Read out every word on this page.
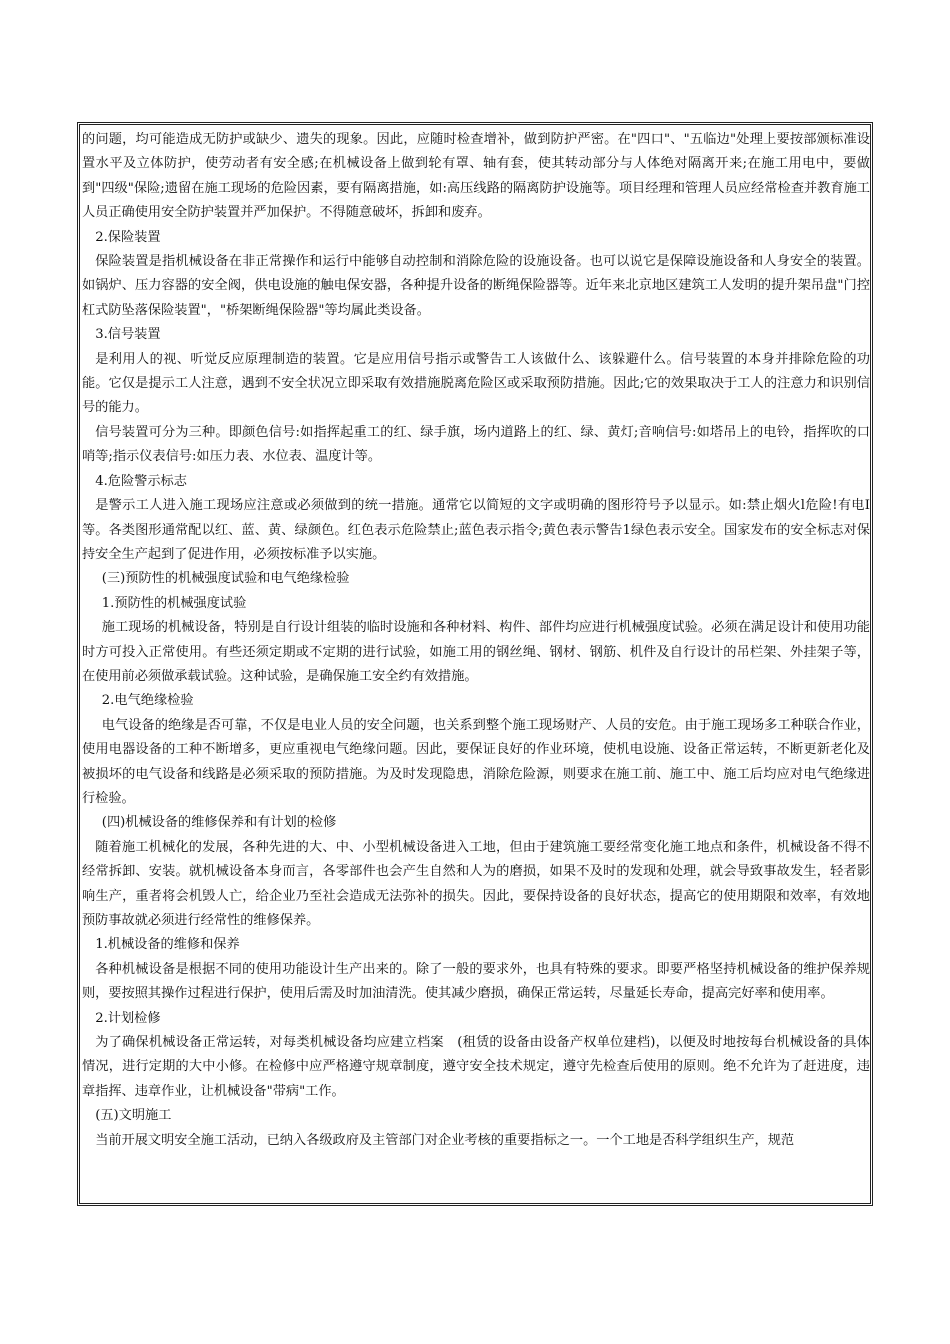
的问题，均可能造成无防护或缺少、遗失的现象。因此，应随时检查增补，做到防护严密。在"四口"、"五临边"处理上要按部颁标准设置水平及立体防护，使劳动者有安全感;在机械设备上做到轮有罩、轴有套，使其转动部分与人体绝对隔离开来;在施工用电中，要做到"四级"保险;遗留在施工现场的危险因素，要有隔离措施，如:高压线路的隔离防护设施等。项目经理和管理人员应经常检查并教育施工人员正确使用安全防护装置并严加保护。不得随意破坏，拆卸和废弃。

2.保险装置

保险装置是指机械设备在非正常操作和运行中能够自动控制和消除危险的设施设备。也可以说它是保障设施设备和人身安全的装置。如锅炉、压力容器的安全阀，供电设施的触电保安器，各种提升设备的断绳保险器等。近年来北京地区建筑工人发明的提升架吊盘"门控杠式防坠落保险装置"，"桥架断绳保险器"等均属此类设备。

3.信号装置

是利用人的视、听觉反应原理制造的装置。它是应用信号指示或警告工人该做什么、该躲避什么。信号装置的本身并排除危险的功能。它仅是提示工人注意，遇到不安全状况立即采取有效措施脱离危险区或采取预防措施。因此;它的效果取决于工人的注意力和识别信号的能力。

信号装置可分为三种。即颜色信号:如指挥起重工的红、绿手旗，场内道路上的红、绿、黄灯;音响信号:如塔吊上的电铃，指挥吹的口哨等;指示仪表信号:如压力表、水位表、温度计等。

4.危险警示标志

是警示工人进入施工现场应注意或必须做到的统一措施。通常它以简短的文字或明确的图形符号予以显示。如:禁止烟火l危险!有电I等。各类图形通常配以红、蓝、黄、绿颜色。红色表示危险禁止;蓝色表示指令;黄色表示警告1绿色表示安全。国家发布的安全标志对保持安全生产起到了促进作用，必须按标准予以实施。

(三)预防性的机械强度试验和电气绝缘检验

1.预防性的机械强度试验

施工现场的机械设备，特别是自行设计组装的临时设施和各种材料、构件、部件均应进行机械强度试验。必须在满足设计和使用功能时方可投入正常使用。有些还须定期或不定期的进行试验，如施工用的钢丝绳、钢材、钢筋、机件及自行设计的吊栏架、外挂架子等，在使用前必须做承载试验。这种试验，是确保施工安全约有效措施。

2.电气绝缘检验

电气设备的绝缘是否可靠，不仅是电业人员的安全问题，也关系到整个施工现场财产、人员的安危。由于施工现场多工种联合作业，使用电器设备的工种不断增多，更应重视电气绝缘问题。因此，要保证良好的作业环境，使机电设施、设备正常运转，不断更新老化及被损坏的电气设备和线路是必须采取的预防措施。为及时发现隐患，消除危险源，则要求在施工前、施工中、施工后均应对电气绝缘进行检验。

(四)机械设备的维修保养和有计划的检修

随着施工机械化的发展，各种先进的大、中、小型机械设备进入工地，但由于建筑施工要经常变化施工地点和条件，机械设备不得不经常拆卸、安装。就机械设备本身而言，各零部件也会产生自然和人为的磨损，如果不及时的发现和处理，就会导致事故发生，轻者影响生产，重者将会机毁人亡，给企业乃至社会造成无法弥补的损失。因此，要保持设备的良好状态，提高它的使用期限和效率，有效地预防事故就必须进行经常性的维修保养。

1.机械设备的维修和保养

各种机械设备是根据不同的使用功能设计生产出来的。除了一般的要求外，也具有特殊的要求。即要严格坚持机械设备的维护保养规则，要按照其操作过程进行保护，使用后需及时加油清洗。使其减少磨损，确保正常运转，尽量延长寿命，提高完好率和使用率。

2.计划检修

为了确保机械设备正常运转，对每类机械设备均应建立档案　(租赁的设备由设备产权单位建档)，以便及时地按每台机械设备的具体情况，进行定期的大中小修。在检修中应严格遵守规章制度，遵守安全技术规定，遵守先检查后使用的原则。绝不允许为了赶进度，违章指挥、违章作业，让机械设备"带病"工作。

(五)文明施工

当前开展文明安全施工活动，已纳入各级政府及主管部门对企业考核的重要指标之一。一个工地是否科学组织生产，规范
